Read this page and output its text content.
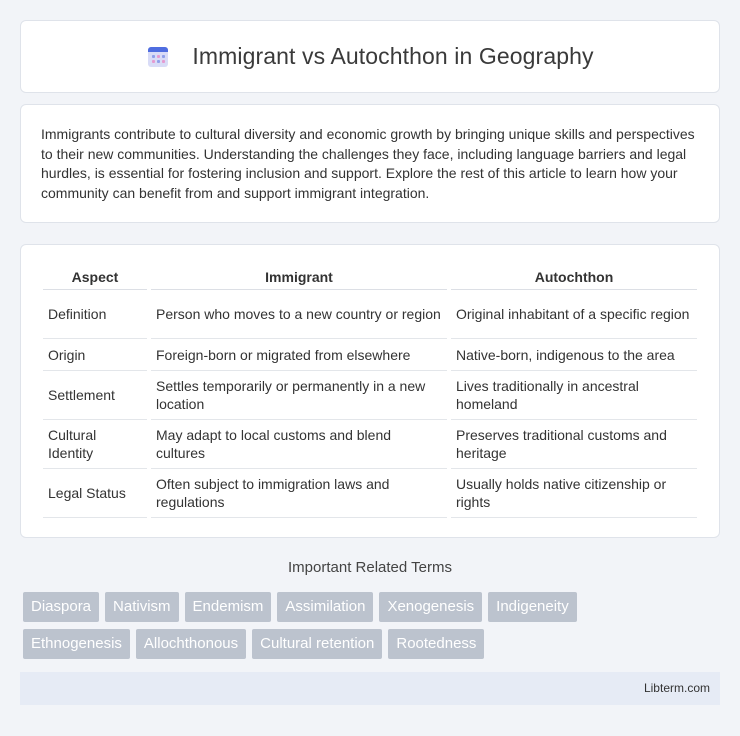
Immigrant vs Autochthon in Geography

Immigrants contribute to cultural diversity and economic growth by bringing unique skills and perspectives to their new communities. Understanding the challenges they face, including language barriers and legal hurdles, is essential for fostering inclusion and support. Explore the rest of this article to learn how your community can benefit from and support immigrant integration.

Aspect	Immigrant	Autochthon
Definition	Person who moves to a new country or region	Original inhabitant of a specific region
Origin	Foreign-born or migrated from elsewhere	Native-born, indigenous to the area
Settlement	Settles temporarily or permanently in a new location	Lives traditionally in ancestral homeland
Cultural Identity	May adapt to local customs and blend cultures	Preserves traditional customs and heritage
Legal Status	Often subject to immigration laws and regulations	Usually holds native citizenship or rights
Important Related Terms
Diaspora	Nativism	Endemism	Assimilation	Xenogenesis	Indigeneity
Ethnogenesis	Allochthonous	Cultural retention	Rootedness
Libterm.com
